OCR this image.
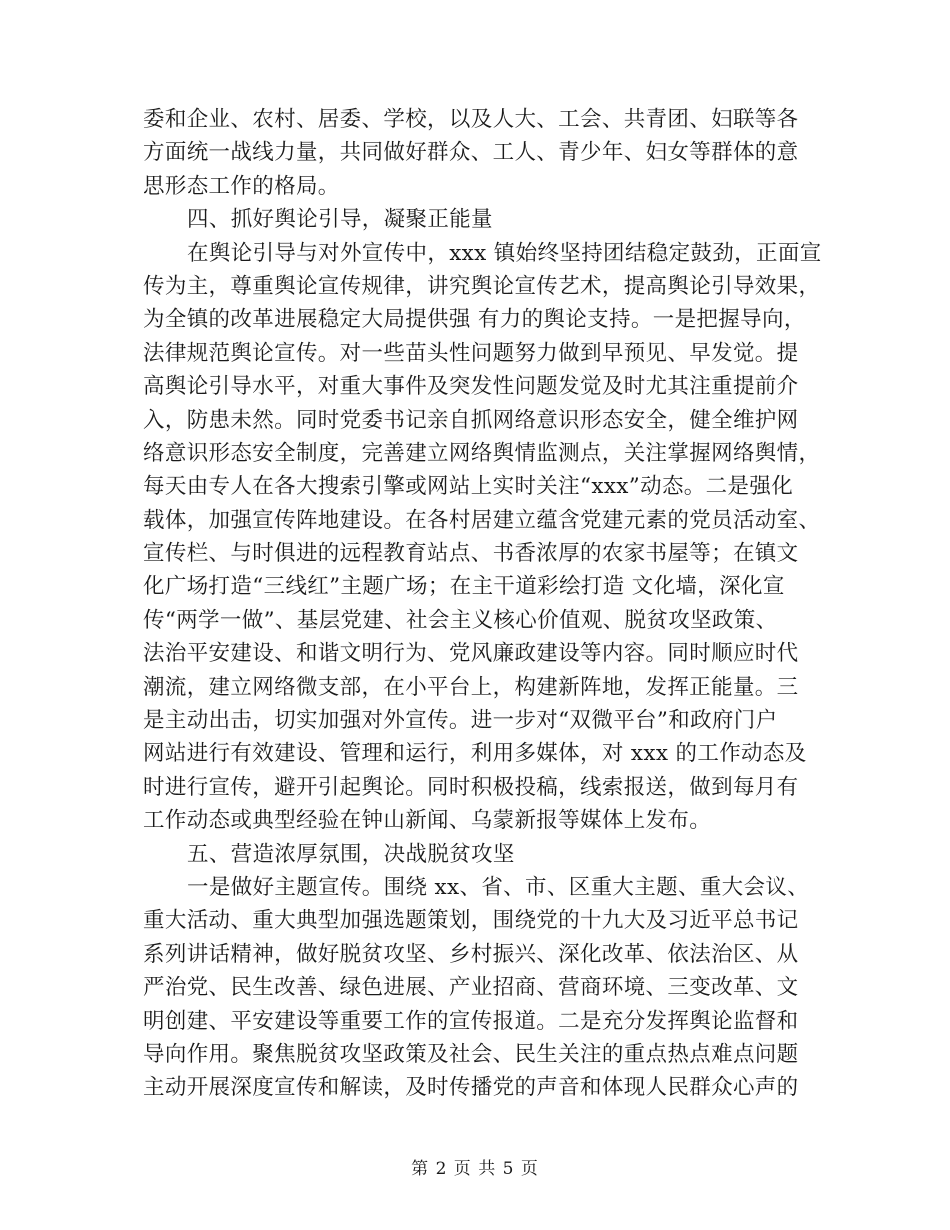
委和企业、农村、居委、学校，以及人大、工会、共青团、妇联等各
方面统一战线力量，共同做好群众、工人、青少年、妇女等群体的意
思形态工作的格局。
四、抓好舆论引导，凝聚正能量
在舆论引导与对外宣传中，xxx 镇始终坚持团结稳定鼓劲，正面宣
传为主，尊重舆论宣传规律，讲究舆论宣传艺术，提高舆论引导效果，
为全镇的改革进展稳定大局提供强 有力的舆论支持。一是把握导向，
法律规范舆论宣传。对一些苗头性问题努力做到早预见、早发觉。提
高舆论引导水平，对重大事件及突发性问题发觉及时尤其注重提前介
入，防患未然。同时党委书记亲自抓网络意识形态安全，健全维护网
络意识形态安全制度，完善建立网络舆情监测点，关注掌握网络舆情，
每天由专人在各大搜索引擎或网站上实时关注“xxx”动态。二是强化
载体，加强宣传阵地建设。在各村居建立蕴含党建元素的党员活动室、
宣传栏、与时俱进的远程教育站点、书香浓厚的农家书屋等；在镇文
化广场打造“三线红”主题广场；在主干道彩绘打造 文化墙，深化宣
传“两学一做”、基层党建、社会主义核心价值观、脱贫攻坚政策、
法治平安建设、和谐文明行为、党风廉政建设等内容。同时顺应时代
潮流，建立网络微支部，在小平台上，构建新阵地，发挥正能量。三
是主动出击，切实加强对外宣传。进一步对“双微平台”和政府门户
网站进行有效建设、管理和运行，利用多媒体，对 xxx 的工作动态及
时进行宣传，避开引起舆论。同时积极投稿，线索报送，做到每月有
工作动态或典型经验在钟山新闻、乌蒙新报等媒体上发布。
五、营造浓厚氛围，决战脱贫攻坚
一是做好主题宣传。围绕 xx、省、市、区重大主题、重大会议、
重大活动、重大典型加强选题策划，围绕党的十九大及习近平总书记
系列讲话精神，做好脱贫攻坚、乡村振兴、深化改革、依法治区、从
严治党、民生改善、绿色进展、产业招商、营商环境、三变改革、文
明创建、平安建设等重要工作的宣传报道。二是充分发挥舆论监督和
导向作用。聚焦脱贫攻坚政策及社会、民生关注的重点热点难点问题
主动开展深度宣传和解读，及时传播党的声音和体现人民群众心声的
第 2 页 共 5 页
